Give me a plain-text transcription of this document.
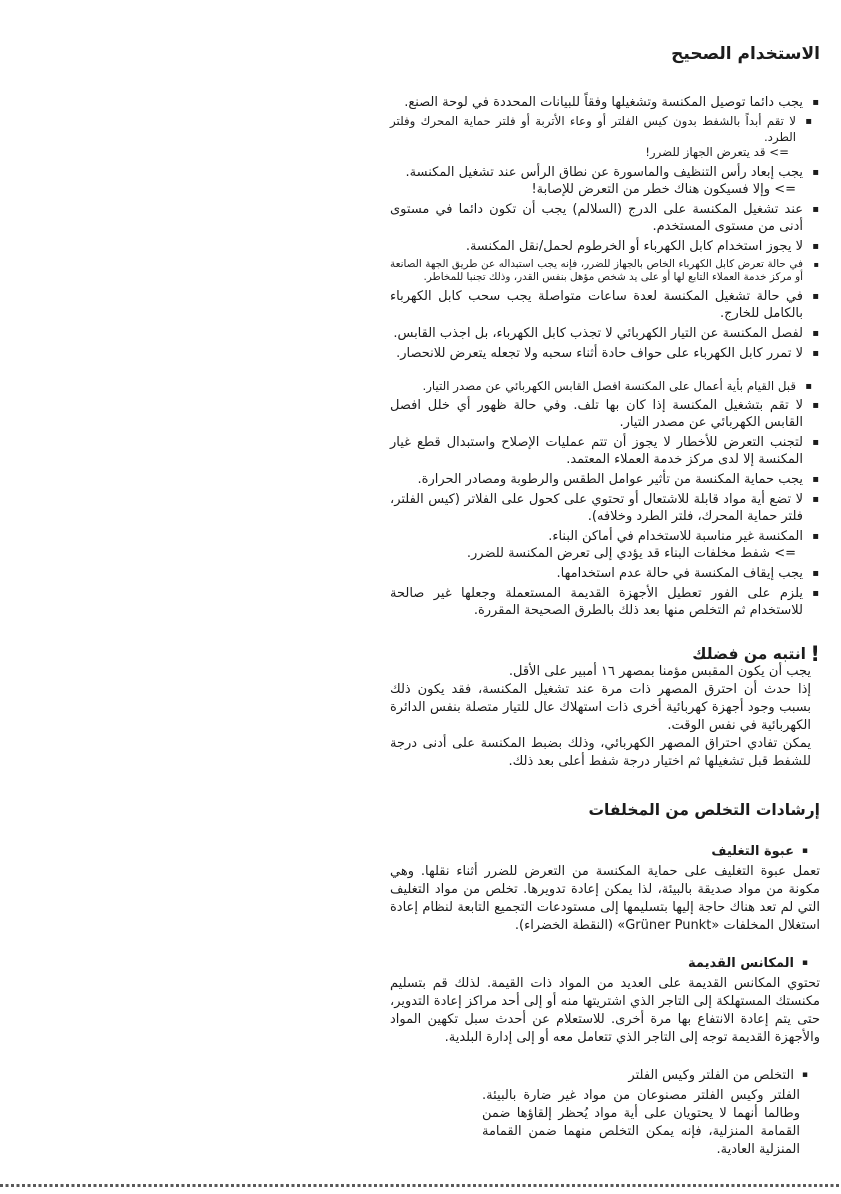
الاستخدام الصحيح
▪
يجب دائما توصيل المكنسة وتشغيلها وفقاً للبيانات المحددة في لوحة الصنع.
▪
لا تقم أبداً بالشفط بدون كيس الفلتر أو وعاء الأتربة أو فلتر حماية المحرك وفلتر الطرد.
=> قد يتعرض الجهاز للضرر!
▪
يجب إبعاد رأس التنظيف والماسورة عن نطاق الرأس عند تشغيل المكنسة.
=> وإلا فسيكون هناك خطر من التعرض للإصابة!
▪
عند تشغيل المكنسة على الدرج (السلالم) يجب أن تكون دائما في مستوى أدنى من مستوى المستخدم.
▪
لا يجوز استخدام كابل الكهرباء أو الخرطوم لحمل/نقل المكنسة.
▪
في حالة تعرض كابل الكهرباء الخاص بالجهاز للضرر، فإنه يجب استبداله عن طريق الجهة الصانعة أو مركز خدمة العملاء التابع لها أو على يد شخص مؤهل بنفس القدر، وذلك تجنبا للمخاطر.
▪
في حالة تشغيل المكنسة لعدة ساعات متواصلة يجب سحب كابل الكهرباء بالكامل للخارج.
▪
لفصل المكنسة عن التيار الكهربائي لا تجذب كابل الكهرباء، بل اجذب القابس.
▪
لا تمرر كابل الكهرباء على حواف حادة أثناء سحبه ولا تجعله يتعرض للانحصار.
▪
قبل القيام بأية أعمال على المكنسة افصل القابس الكهربائي عن مصدر التيار.
▪
لا تقم بتشغيل المكنسة إذا كان بها تلف. وفي حالة ظهور أي خلل افصل القابس الكهربائي عن مصدر التيار.
▪
لتجنب التعرض للأخطار لا يجوز أن تتم عمليات الإصلاح واستبدال قطع غيار المكنسة إلا لدى مركز خدمة العملاء المعتمد.
▪
يجب حماية المكنسة من تأثير عوامل الطقس والرطوبة ومصادر الحرارة.
▪
لا تضع أية مواد قابلة للاشتعال أو تحتوي على كحول على الفلاتر (كيس الفلتر، فلتر حماية المحرك، فلتر الطرد وخلافه).
▪
المكنسة غير مناسبة للاستخدام في أماكن البناء.
=> شفط مخلفات البناء قد يؤدي إلى تعرض المكنسة للضرر.
▪
يجب إيقاف المكنسة في حالة عدم استخدامها.
▪
يلزم على الفور تعطيل الأجهزة القديمة المستعملة وجعلها غير صالحة للاستخدام ثم التخلص منها بعد ذلك بالطرق الصحيحة المقررة.
!
انتبه من فضلك

يجب أن يكون المقبس مؤمنا بمصهر ١٦ أمبير على الأقل.

إذا حدث أن احترق المصهر ذات مرة عند تشغيل المكنسة، فقد يكون ذلك بسبب وجود أجهزة كهربائية أخرى ذات استهلاك عال للتيار متصلة بنفس الدائرة الكهربائية في نفس الوقت.

يمكن تفادي احتراق المصهر الكهربائي، وذلك بضبط المكنسة على أدنى درجة للشفط قبل تشغيلها ثم اختيار درجة شفط أعلى بعد ذلك.

إرشادات التخلص من المخلفات
▪
عبوة التغليف

تعمل عبوة التغليف على حماية المكنسة من التعرض للضرر أثناء نقلها. وهي مكونة من مواد صديقة بالبيئة، لذا يمكن إعادة تدويرها. تخلص من مواد التغليف التي لم تعد هناك حاجة إليها بتسليمها إلى مستودعات التجميع التابعة لنظام إعادة استغلال المخلفات «Grüner Punkt» (النقطة الخضراء).

▪
المكانس القديمة

تحتوي المكانس القديمة على العديد من المواد ذات القيمة. لذلك قم بتسليم مكنستك المستهلكة إلى التاجر الذي اشتريتها منه أو إلى أحد مراكز إعادة التدوير، حتى يتم إعادة الانتفاع بها مرة أخرى. للاستعلام عن أحدث سبل تكهين المواد والأجهزة القديمة توجه إلى التاجر الذي تتعامل معه أو إلى إدارة البلدية.

▪
التخلص من الفلتر وكيس الفلتر

الفلتر وكيس الفلتر مصنوعان من مواد غير ضارة بالبيئة. وطالما أنهما لا يحتويان على أية مواد يُحظر إلقاؤها ضمن القمامة المنزلية، فإنه يمكن التخلص منهما ضمن القمامة المنزلية العادية.
